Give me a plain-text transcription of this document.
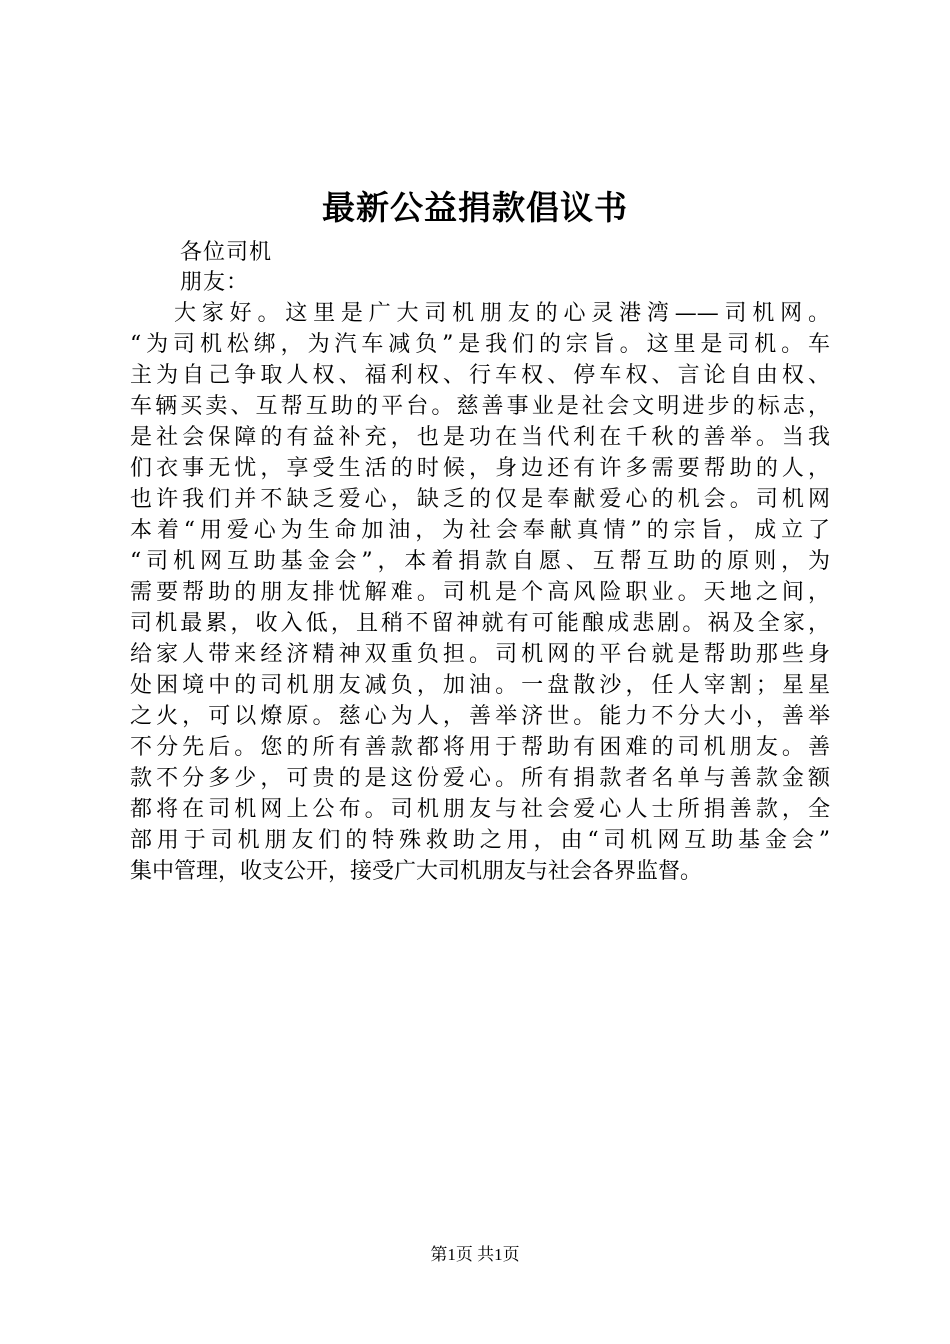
最新公益捐款倡议书
各位司机
朋友：
大家好。这里是广大司机朋友的心灵港湾——司机网。
“为司机松绑，为汽车减负”是我们的宗旨。这里是司机。车
主为自己争取人权、福利权、行车权、停车权、言论自由权、
车辆买卖、互帮互助的平台。慈善事业是社会文明进步的标志，
是社会保障的有益补充，也是功在当代利在千秋的善举。当我
们衣事无忧，享受生活的时候，身边还有许多需要帮助的人，
也许我们并不缺乏爱心，缺乏的仅是奉献爱心的机会。司机网
本着“用爱心为生命加油，为社会奉献真情”的宗旨，成立了
“司机网互助基金会”，本着捐款自愿、互帮互助的原则，为
需要帮助的朋友排忧解难。司机是个高风险职业。天地之间，
司机最累，收入低，且稍不留神就有可能酿成悲剧。祸及全家，
给家人带来经济精神双重负担。司机网的平台就是帮助那些身
处困境中的司机朋友减负，加油。一盘散沙，任人宰割；星星
之火，可以燎原。慈心为人，善举济世。能力不分大小，善举
不分先后。您的所有善款都将用于帮助有困难的司机朋友。善
款不分多少，可贵的是这份爱心。所有捐款者名单与善款金额
都将在司机网上公布。司机朋友与社会爱心人士所捐善款，全
部用于司机朋友们的特殊救助之用，由“司机网互助基金会”
集中管理，收支公开，接受广大司机朋友与社会各界监督。
第1页 共1页
